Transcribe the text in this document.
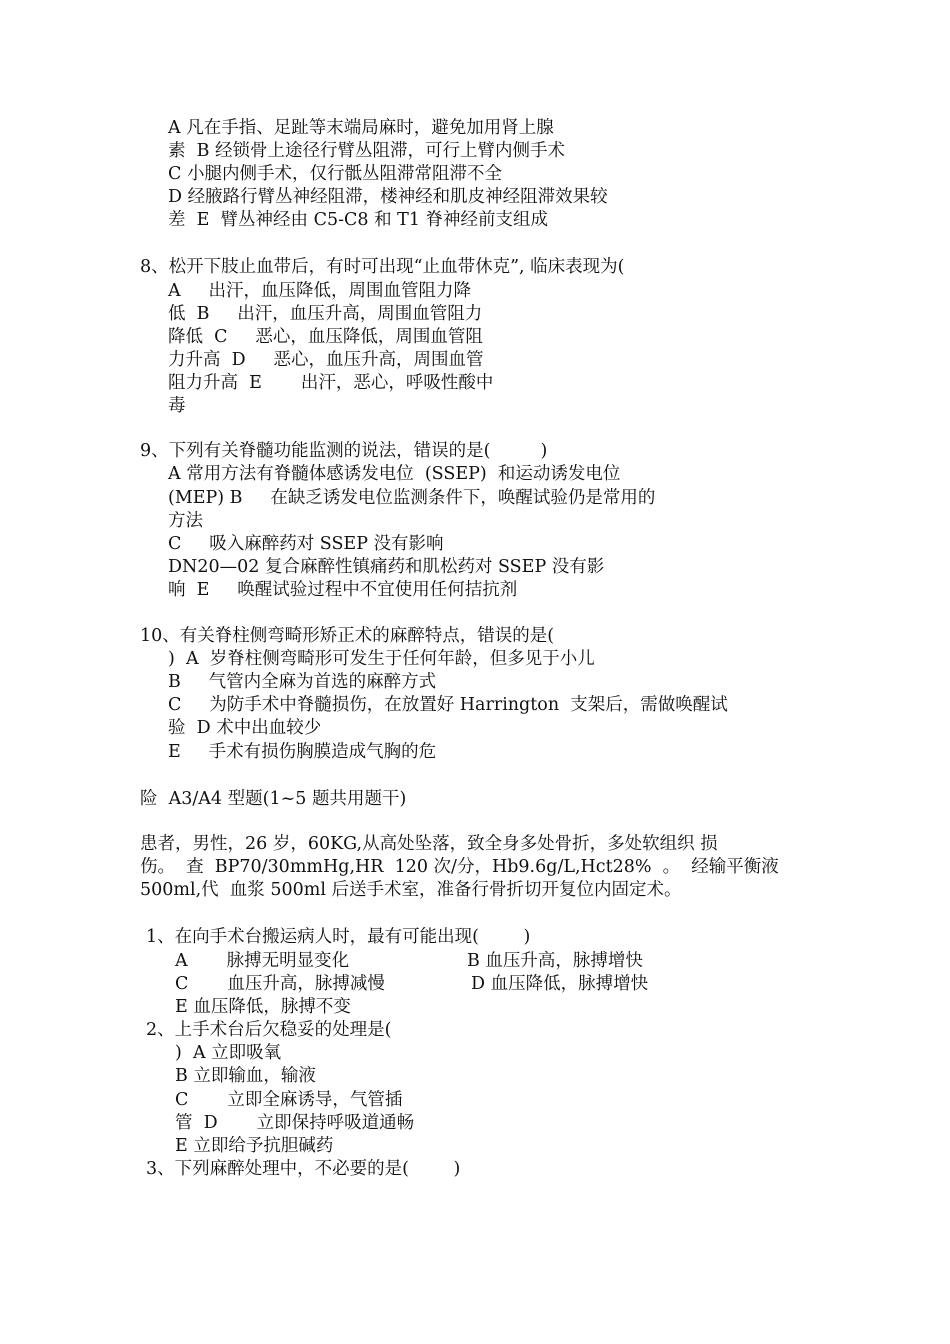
A 凡在手指、足趾等末端局麻时，避免加用肾上腺
素  B 经锁骨上途径行臂丛阻滞，可行上臂内侧手术
C 小腿内侧手术，仅行骶丛阻滞常阻滞不全
D 经腋路行臂丛神经阻滞，楼神经和肌皮神经阻滞效果较
差  E  臂丛神经由 C5-C8 和 T1 脊神经前支组成
8、松开下肢止血带后，有时可出现“止血带休克”, 临床表现为(
A     出汗，血压降低，周围血管阻力降
低  B     出汗，血压升高，周围血管阻力
降低  C     恶心，血压降低，周围血管阻
力升高  D     恶心，血压升高，周围血管
阻力升高  E       出汗，恶心，呼吸性酸中
毒
9、下列有关脊髓功能监测的说法，错误的是(         )
A 常用方法有脊髓体感诱发电位  (SSEP)  和运动诱发电位
(MEP) B     在缺乏诱发电位监测条件下，唤醒试验仍是常用的
方法
C     吸入麻醉药对 SSEP 没有影响
DN20—02 复合麻醉性镇痛药和肌松药对 SSEP 没有影
响  E     唤醒试验过程中不宜使用任何拮抗剂
10、有关脊柱侧弯畸形矫正术的麻醉特点，错误的是(
)  A  岁脊柱侧弯畸形可发生于任何年龄，但多见于小儿
B     气管内全麻为首选的麻醉方式
C     为防手术中脊髓损伤，在放置好 Harrington  支架后，需做唤醒试
验  D 术中出血较少
E     手术有损伤胸膜造成气胸的危
险  A3/A4 型题(1~5 题共用题干)
患者，男性，26 岁，60KG,从高处坠落，致全身多处骨折，多处软组织 损
伤。  查  BP70/30mmHg,HR  120 次/分，Hb9.6g/L,Hct28%  。  经输平衡液
500ml,代  血浆 500ml 后送手术室，准备行骨折切开复位内固定术。
1、在向手术台搬运病人时，最有可能出现(        )
A       脉搏无明显变化	B 血压升高，脉搏增快
C       血压升高，脉搏减慢	D 血压降低，脉搏增快
E 血压降低，脉搏不变
2、上手术台后欠稳妥的处理是(
)  A 立即吸氧
B 立即输血，输液
C       立即全麻诱导，气管插
管  D       立即保持呼吸道通畅
E 立即给予抗胆碱药
3、下列麻醉处理中，不必要的是(        )
